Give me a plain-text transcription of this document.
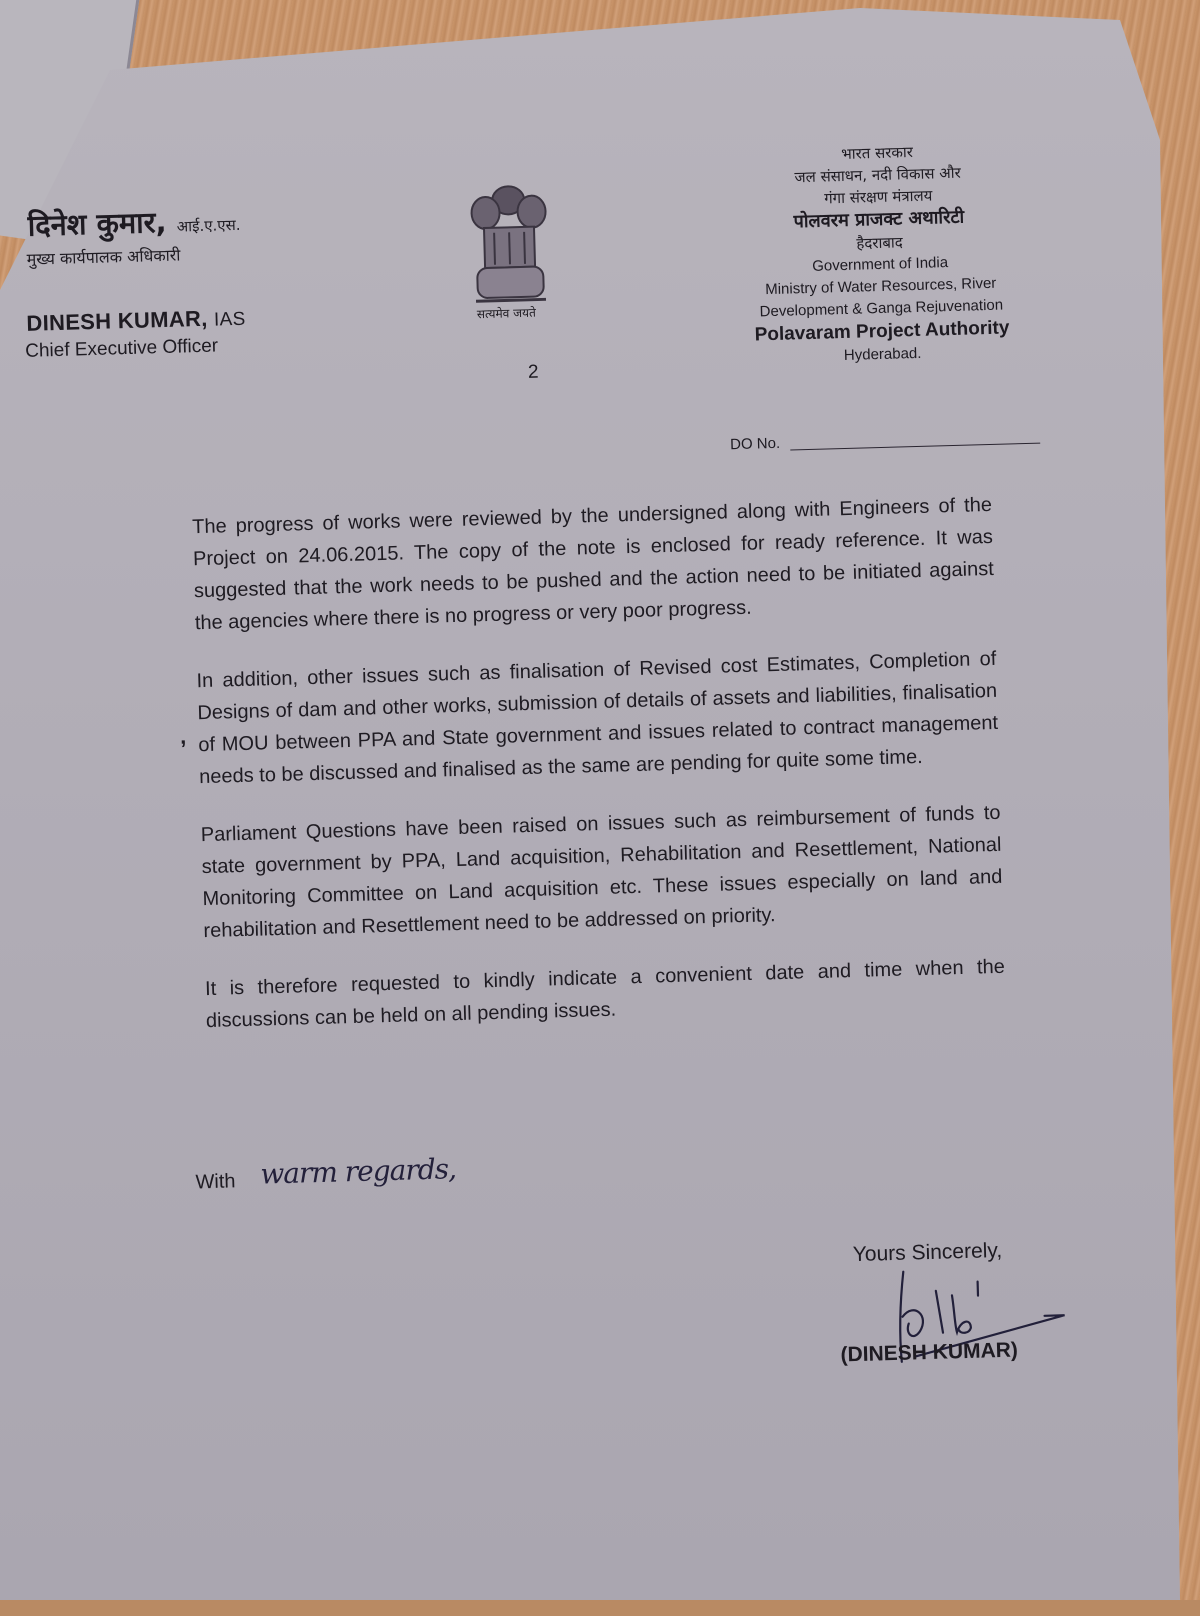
दिनेश कुमार, आई.ए.एस.
मुख्य कार्यपालक अधिकारी
DINESH KUMAR, IAS
Chief Executive Officer
सत्यमेव जयते
2
भारत सरकार
जल संसाधन, नदी विकास और
गंगा संरक्षण मंत्रालय
पोलवरम प्राजक्ट अथारिटी
हैदराबाद
Government of India
Ministry of Water Resources, River
Development & Ganga Rejuvenation
Polavaram Project Authority
Hyderabad.
DO No.

The progress of works were reviewed by the undersigned along with Engineers of the Project on 24.06.2015. The copy of the note is enclosed for ready reference. It was suggested that the work needs to be pushed and the action need to be initiated against the agencies where there is no progress or very poor progress.

In addition, other issues such as finalisation of Revised cost Estimates, Completion of Designs of dam and other works, submission of details of assets and liabilities, finalisation of MOU between PPA and State government and issues related to contract management needs to be discussed and finalised as the same are pending for quite some time.

Parliament Questions have been raised on issues such as reimbursement of funds to state government by PPA, Land acquisition, Rehabilitation and Resettlement, National Monitoring Committee on Land acquisition etc. These issues especially on land and rehabilitation and Resettlement need to be addressed on priority.

It is therefore requested to kindly indicate a convenient date and time when the discussions can be held on all pending issues.

,
With warm regards,
Yours Sincerely,
(DINESH KUMAR)
